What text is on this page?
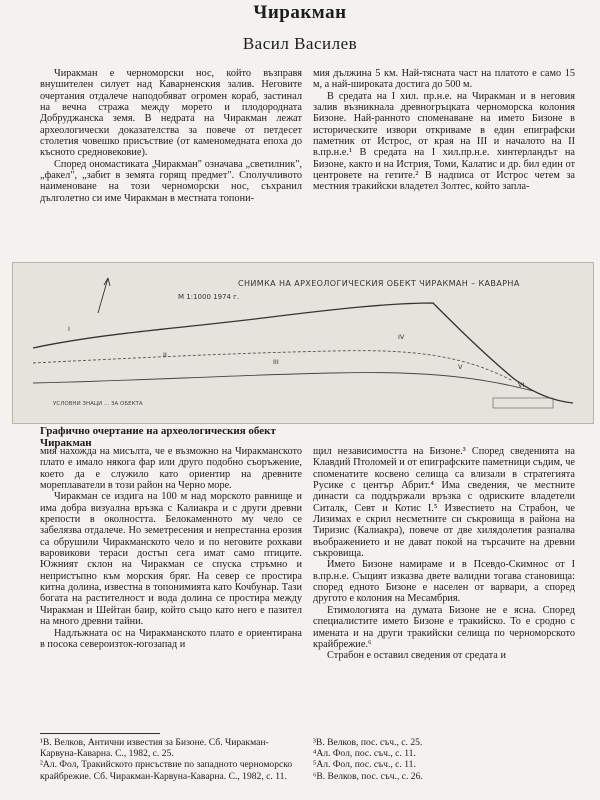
Чиракман
Васил Василев

Чиракман е черноморски нос, който възправя внушителен силует над Каварненския залив. Неговите очертания отдалече наподобяват огромен кораб, застинал на вечна стража между морето и плодородната Добруджанска земя. В недрата на Чиракман лежат археологически доказателства за повече от петдесет столетия човешко присъствие (от каменомедната епоха до късното средновековие).

Според ономастиката „Чиракман" означава „светилник", „факел", „забит в земята горящ предмет". Сполучливото наименоване на този черноморски нос, съхранил дълголетно си име Чиракман в местната топони-

мия дължина 5 км. Най-тясната част на платото е само 15 м, а най-широката достига до 500 м.

В средата на I хил. пр.н.е. на Чиракман и в неговия залив възникнала древногръцката черноморска колония Бизоне. Най-ранното споменаване на името Бизоне в историческите извори откриваме в един епиграфски паметник от Истрос, от края на III и началото на II в.пр.н.е.¹ В средата на I хил.пр.н.е. хинтерландът на Бизоне, както и на Истрия, Томи, Калатис и др. бил един от центровете на гетите.² В надписа от Истрос четем за местния тракийски владетел Золтес, който запла-

СНИМКА НА АРХЕОЛОГИЧЕСКИЯ ОБЕКТ ЧИРАКМАН – КАВАРНА
М 1:1000 1974 г.
I
II
III
IV
V
VI
УСЛОВНИ ЗНАЦИ ... ЗА ОБЕКТА
Графично очертание на археологическия обект Чиракман

мия нахожда на мисълта, че е възможно на Чиракманското плато е имало някога фар или друго подобно съоръжение, което да е служило като ориентир на древните мореплаватели в този район на Черно море.

Чиракман се издига на 100 м над морското равнище и има добра визуална връзка с Калиакра и с други древни крепости в околността. Белокаменното му чело се забелязва отдалече. Но земетресения и непрестанна ерозия са обрушили Чиракманското чело и по неговите рохкави варовикови тераси достъп сега имат само птиците. Южният склон на Чиракман се спуска стръмно и непристъпно към морския бряг. На север се простира китна долина, известна в топонимията като Кочбунар. Тази богата на растителност и вода долина се простира между Чиракман и Шейтан баир, който също като него е пазител на много древни тайни.

Надлъжната ос на Чиракманското плато е ориентирана в посока североизток-югозапад и

щил независимостта на Бизоне.³ Според сведенията на Клавдий Птоломей и от епиграфските паметници съдим, че споменатите косвено селища са влизали в стратегията Русике с център Абрит.⁴ Има сведения, че местните династи са поддържали връзка с одриските владетели Ситалк, Севт и Котис I.⁵ Известието на Страбон, че Лизимах е скрил несметните си съкровища в района на Тиризис (Калиакра), повече от две хилядолетия разпалва въображението и не дават покой на търсачите на древни съкровища.

Името Бизоне намираме и в Псевдо-Скимнос от I в.пр.н.е. Същият изказва двете валидни тогава становища: според едното Бизоне е населен от варвари, а според другото е колония на Месамбрия.

Етимологията на думата Бизоне не е ясна. Според специалистите името Бизоне е тракийско. То е сродно с имената и на други тракийски селища по черноморското крайбрежие.⁶

Страбон е оставил сведения от средата и

¹В. Велков, Антични известия за Бизоне. Сб. Чиракман-Карвуна-Каварна. С., 1982, с. 25.
²Ал. Фол, Тракийското присъствие по западното черноморско крайбрежие. Сб. Чиракман-Карвуна-Каварна. С., 1982, с. 11.
³В. Велков, пос. съч., с. 25.
⁴Ал. Фол, пос. съч., с. 11.
⁵Ал. Фол, пос. съч., с. 11.
⁶В. Велков, пос. съч., с. 26.
